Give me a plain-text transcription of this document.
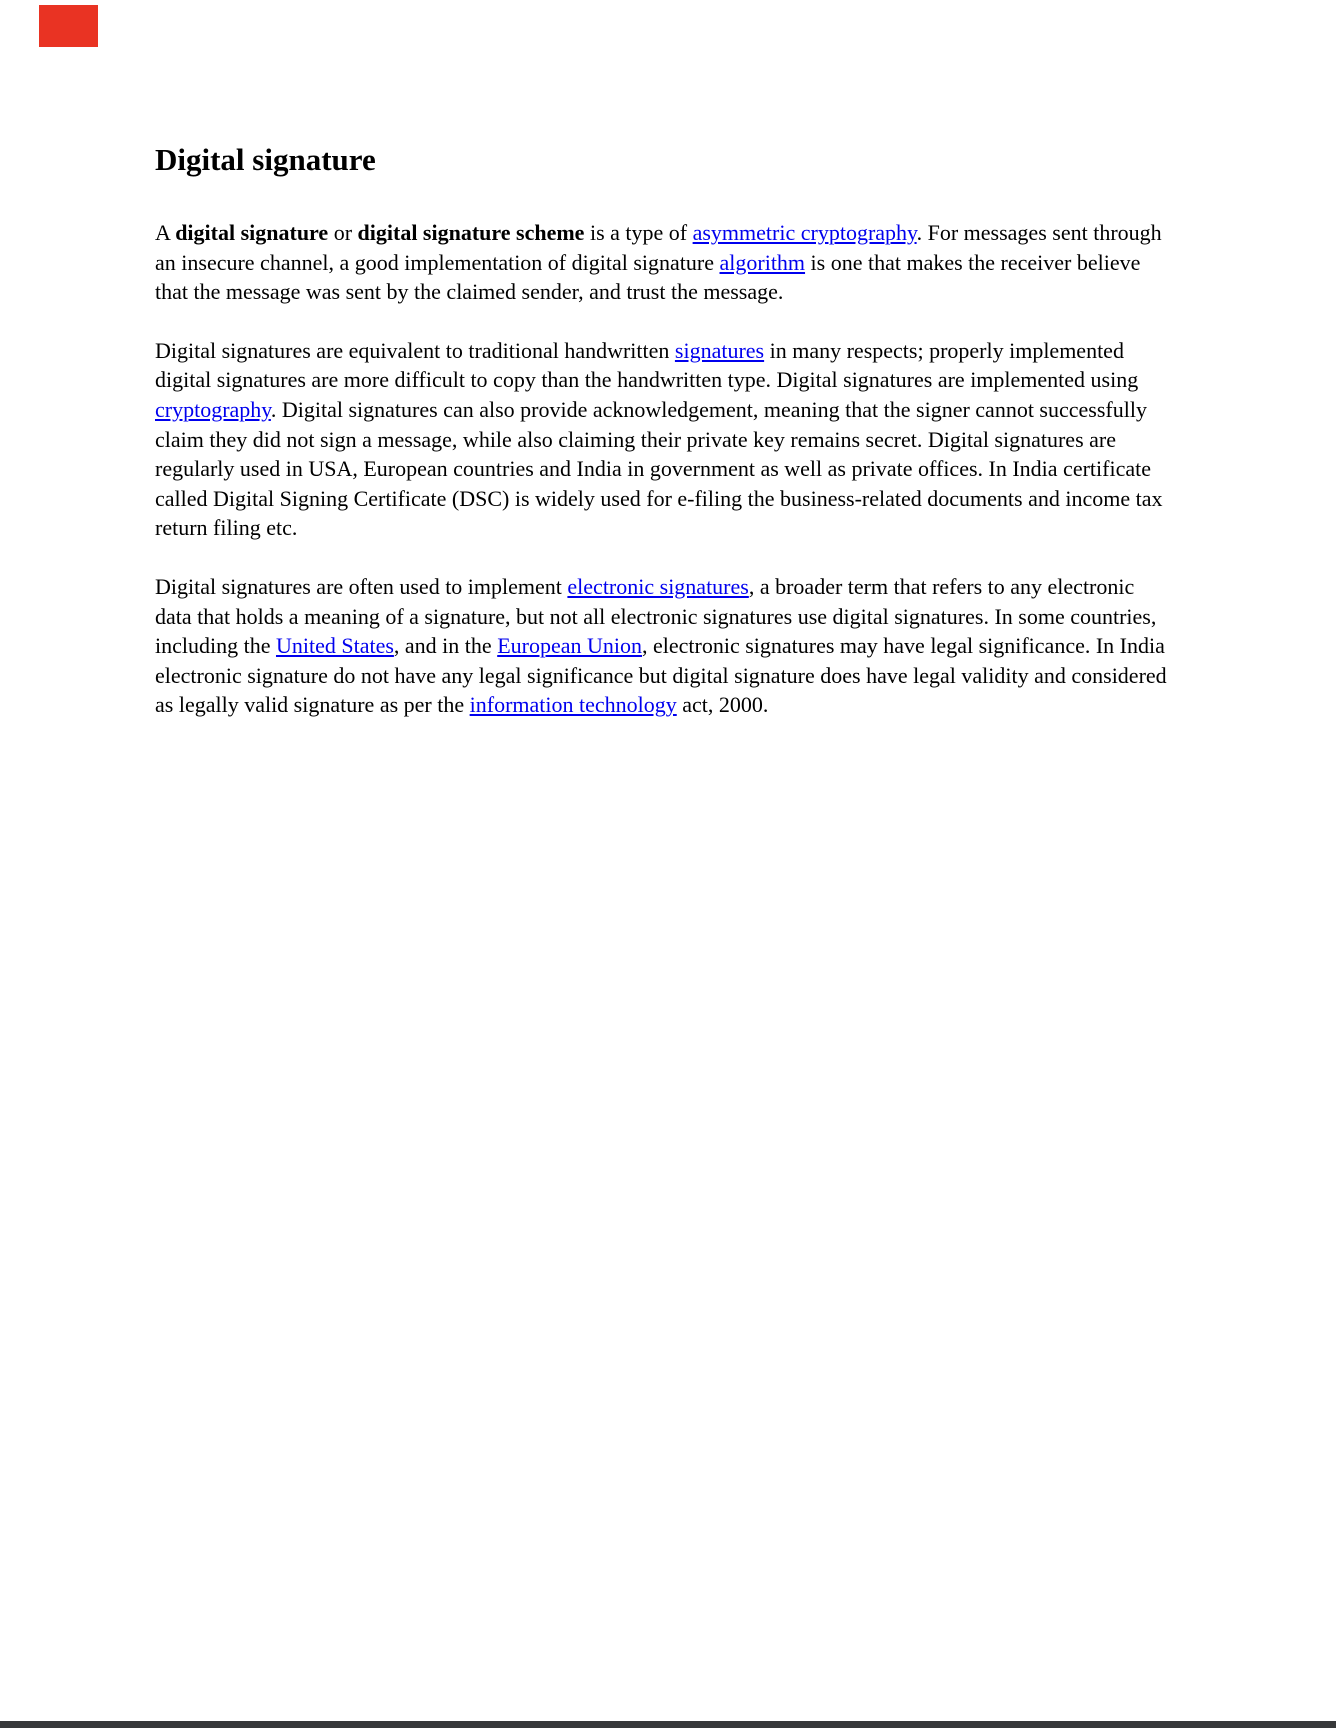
Digital signature

A digital signature or digital signature scheme is a type of asymmetric cryptography. For messages sent through an insecure channel, a good implementation of digital signature algorithm is one that makes the receiver believe that the message was sent by the claimed sender, and trust the message.

Digital signatures are equivalent to traditional handwritten signatures in many respects; properly implemented digital signatures are more difficult to copy than the handwritten type. Digital signatures are implemented using cryptography. Digital signatures can also provide acknowledgement, meaning that the signer cannot successfully claim they did not sign a message, while also claiming their private key remains secret. Digital signatures are regularly used in USA, European countries and India in government as well as private offices. In India certificate called Digital Signing Certificate (DSC) is widely used for e-filing the business-related documents and income tax return filing etc.

Digital signatures are often used to implement electronic signatures, a broader term that refers to any electronic data that holds a meaning of a signature, but not all electronic signatures use digital signatures. In some countries, including the United States, and in the European Union, electronic signatures may have legal significance. In India electronic signature do not have any legal significance but digital signature does have legal validity and considered as legally valid signature as per the information technology act, 2000.
